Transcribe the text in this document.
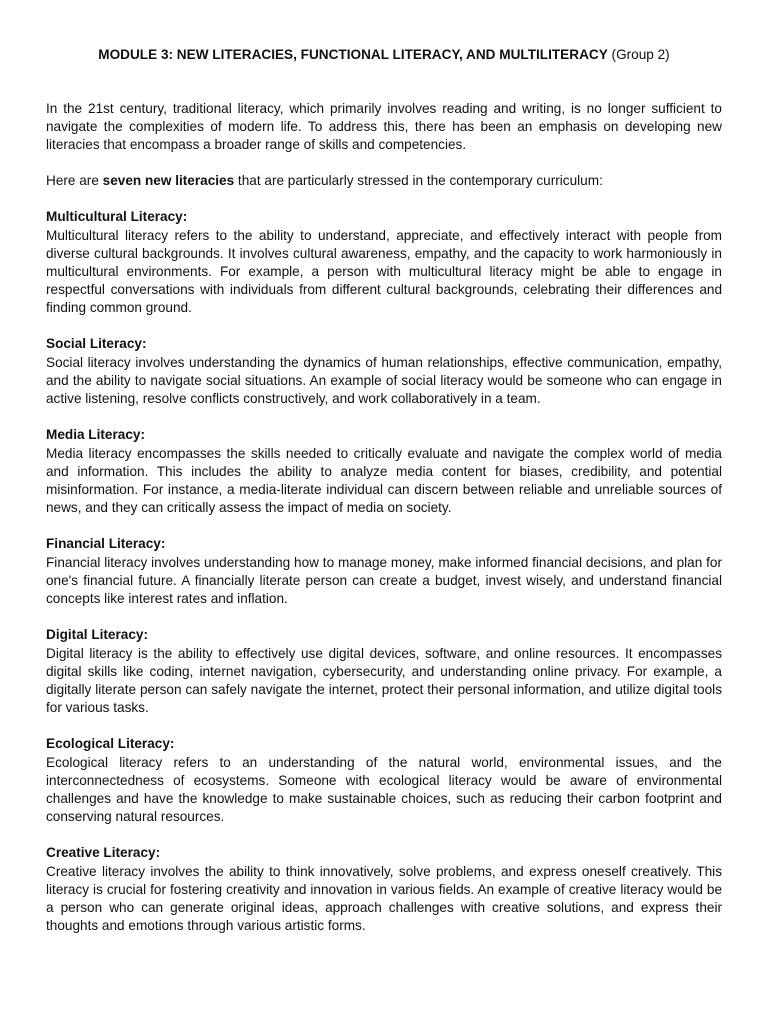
MODULE 3: NEW LITERACIES, FUNCTIONAL LITERACY, AND MULTILITERACY (Group 2)

In the 21st century, traditional literacy, which primarily involves reading and writing, is no longer sufficient to navigate the complexities of modern life. To address this, there has been an emphasis on developing new literacies that encompass a broader range of skills and competencies.

Here are seven new literacies that are particularly stressed in the contemporary curriculum:

Multicultural Literacy:

Multicultural literacy refers to the ability to understand, appreciate, and effectively interact with people from diverse cultural backgrounds. It involves cultural awareness, empathy, and the capacity to work harmoniously in multicultural environments. For example, a person with multicultural literacy might be able to engage in respectful conversations with individuals from different cultural backgrounds, celebrating their differences and finding common ground.

Social Literacy:

Social literacy involves understanding the dynamics of human relationships, effective communication, empathy, and the ability to navigate social situations. An example of social literacy would be someone who can engage in active listening, resolve conflicts constructively, and work collaboratively in a team.

Media Literacy:

Media literacy encompasses the skills needed to critically evaluate and navigate the complex world of media and information. This includes the ability to analyze media content for biases, credibility, and potential misinformation. For instance, a media-literate individual can discern between reliable and unreliable sources of news, and they can critically assess the impact of media on society.

Financial Literacy:

Financial literacy involves understanding how to manage money, make informed financial decisions, and plan for one's financial future. A financially literate person can create a budget, invest wisely, and understand financial concepts like interest rates and inflation.

Digital Literacy:

Digital literacy is the ability to effectively use digital devices, software, and online resources. It encompasses digital skills like coding, internet navigation, cybersecurity, and understanding online privacy. For example, a digitally literate person can safely navigate the internet, protect their personal information, and utilize digital tools for various tasks.

Ecological Literacy:

Ecological literacy refers to an understanding of the natural world, environmental issues, and the interconnectedness of ecosystems. Someone with ecological literacy would be aware of environmental challenges and have the knowledge to make sustainable choices, such as reducing their carbon footprint and conserving natural resources.

Creative Literacy:

Creative literacy involves the ability to think innovatively, solve problems, and express oneself creatively. This literacy is crucial for fostering creativity and innovation in various fields. An example of creative literacy would be a person who can generate original ideas, approach challenges with creative solutions, and express their thoughts and emotions through various artistic forms.
